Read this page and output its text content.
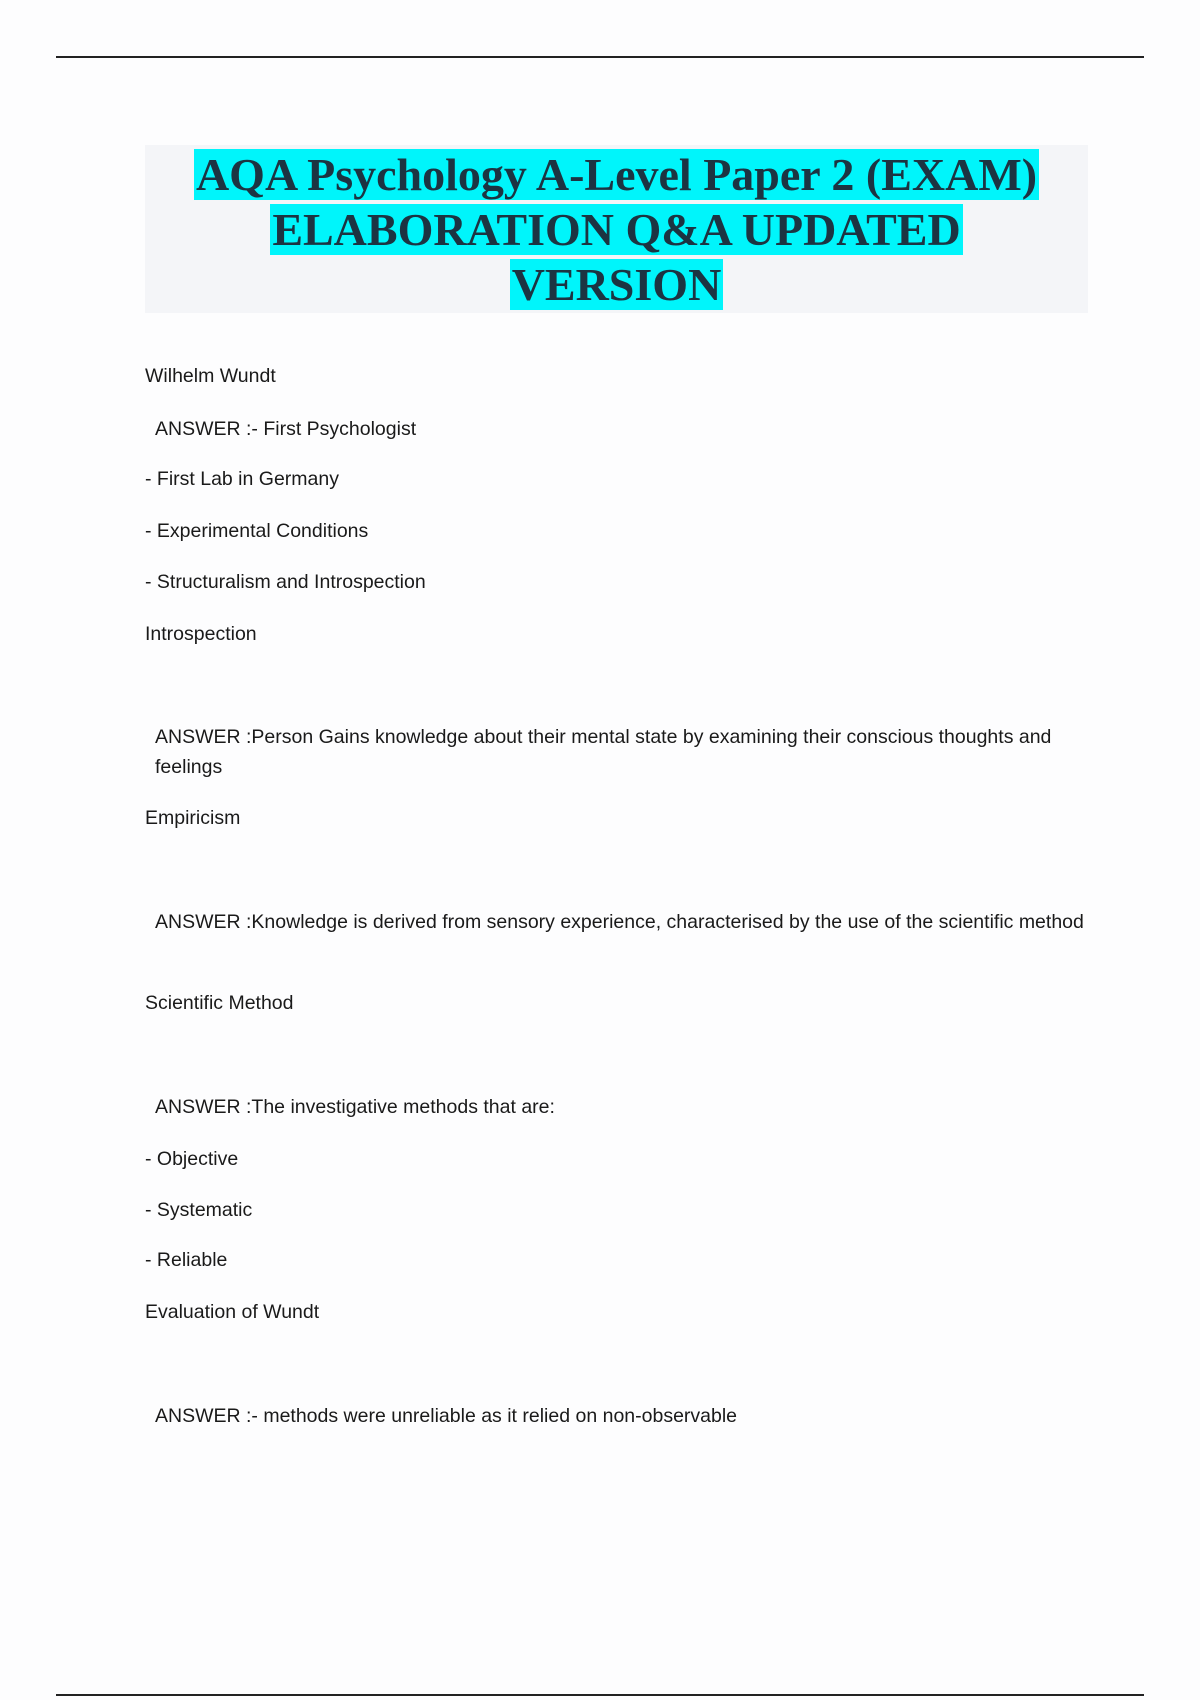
AQA Psychology A-Level Paper 2 (EXAM)

ELABORATION Q&A UPDATED

VERSION

Wilhelm Wundt

ANSWER :- First Psychologist

- First Lab in Germany

- Experimental Conditions

- Structuralism and Introspection

Introspection

ANSWER :Person Gains knowledge about their mental state by examining their conscious thoughts and feelings

Empiricism

ANSWER :Knowledge is derived from sensory experience, characterised by the use of the scientific method

Scientific Method

ANSWER :The investigative methods that are:

- Objective

- Systematic

- Reliable

Evaluation of Wundt

ANSWER :- methods were unreliable as it relied on non-observable
